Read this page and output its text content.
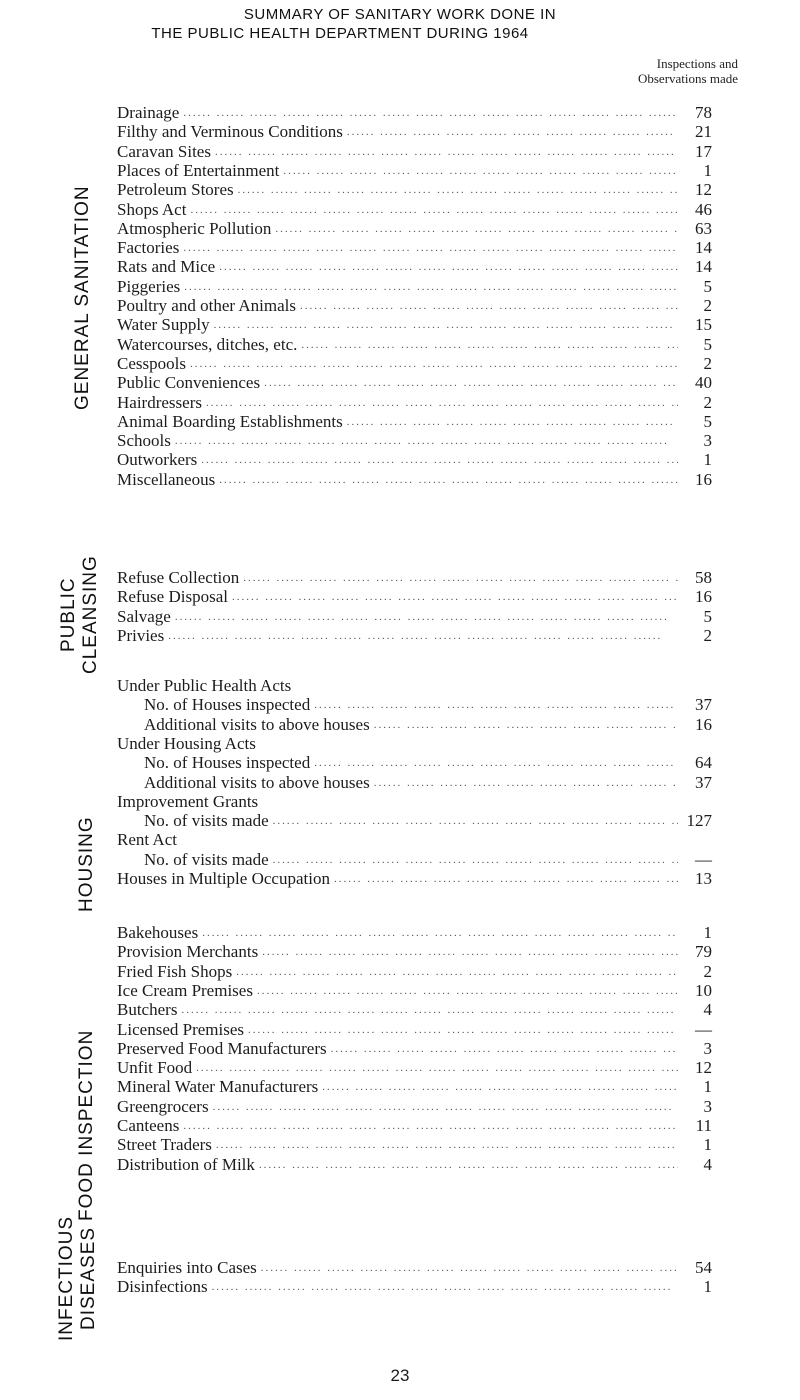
SUMMARY OF SANITARY WORK DONE IN
THE PUBLIC HEALTH DEPARTMENT DURING 1964
Inspections and
Observations made
GENERAL SANITATION
Drainage .....	78
Filthy and Verminous Conditions .....	21
Caravan Sites .....	17
Places of Entertainment .....	1
Petroleum Stores .....	12
Shops Act .....	46
Atmospheric Pollution .....	63
Factories .....	14
Rats and Mice .....	14
Piggeries .....	5
Poultry and other Animals .....	2
Water Supply .....	15
Watercourses, ditches, etc. .....	5
Cesspools .....	2
Public Conveniences .....	40
Hairdressers .....	2
Animal Boarding Establishments .....	5
Schools .....	3
Outworkers .....	1
Miscellaneous .....	16
PUBLIC CLEANSING Refuse Collection .....	58
Refuse Disposal .....	16
Salvage .....	5
Privies .....	2
HOUSING
Under Public Health Acts
No. of Houses inspected .....	37
Additional visits to above houses .....	16
Under Housing Acts
No. of Houses inspected .....	64
Additional visits to above houses .....	37
Improvement Grants
No. of visits made .....	127
Rent Act
No. of visits made .....	—
Houses in Multiple Occupation .....	13
FOOD INSPECTION
Bakehouses .....	1
Provision Merchants .....	79
Fried Fish Shops .....	2
Ice Cream Premises .....	10
Butchers .....	4
Licensed Premises .....	—
Preserved Food Manufacturers .....	3
Unfit Food .....	12
Mineral Water Manufacturers .....	1
Greengrocers .....	3
Canteens .....	11
Street Traders .....	1
Distribution of Milk .....	4
INFECTIOUS DISEASES Enquiries into Cases .....	54
Disinfections .....	1
23
